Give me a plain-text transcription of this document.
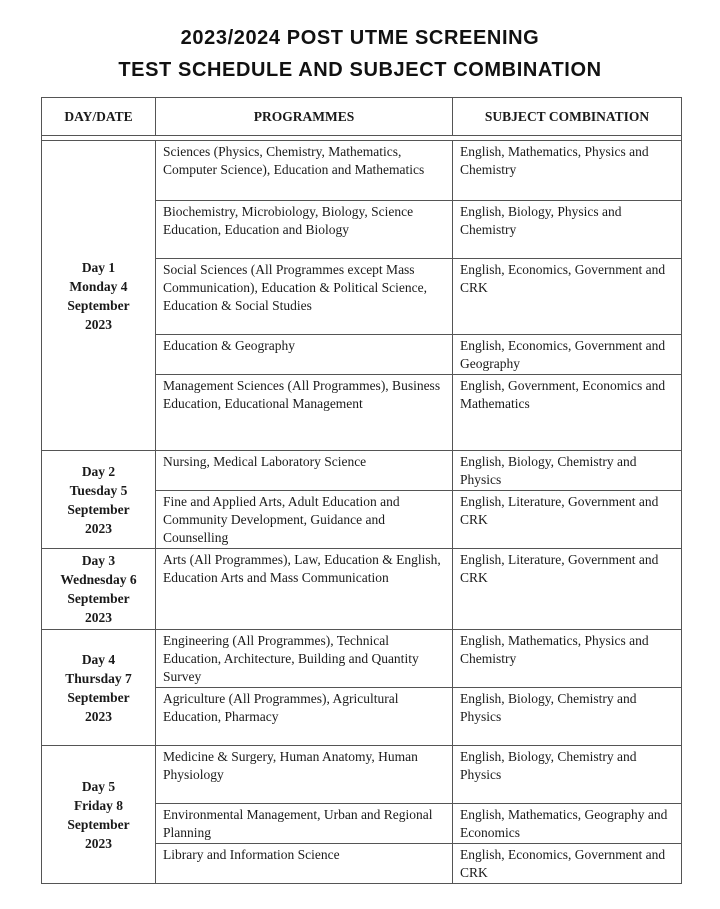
2023/2024 POST UTME SCREENING
TEST SCHEDULE AND SUBJECT COMBINATION
DAY/DATE	PROGRAMMES	SUBJECT COMBINATION

Day 1
Monday 4
September
2023	Sciences (Physics, Chemistry, Mathematics, Computer Science), Education and Mathematics	English, Mathematics, Physics and Chemistry
	Biochemistry, Microbiology, Biology, Science Education, Education and Biology	English, Biology, Physics and Chemistry
	Social Sciences (All Programmes except Mass Communication), Education & Political Science, Education & Social Studies	English, Economics, Government and CRK
	Education & Geography	English, Economics, Government and Geography
	Management Sciences (All Programmes), Business Education, Educational Management	English, Government, Economics and Mathematics

Day 2
Tuesday 5
September
2023	Nursing, Medical Laboratory Science	English, Biology, Chemistry and Physics
	Fine and Applied Arts, Adult Education and Community Development, Guidance and Counselling	English, Literature, Government and CRK

Day 3
Wednesday 6
September
2023	Arts (All Programmes), Law, Education & English, Education Arts and Mass Communication	English, Literature, Government and CRK

Day 4
Thursday 7
September
2023	Engineering (All Programmes), Technical Education, Architecture, Building and Quantity Survey	English, Mathematics, Physics and Chemistry
	Agriculture (All Programmes), Agricultural Education, Pharmacy	English, Biology, Chemistry and Physics

Day 5
Friday 8
September
2023	Medicine & Surgery, Human Anatomy, Human Physiology	English, Biology, Chemistry and Physics
	Environmental Management, Urban and Regional Planning	English, Mathematics, Geography and Economics
	Library and Information Science	English, Economics, Government and CRK
